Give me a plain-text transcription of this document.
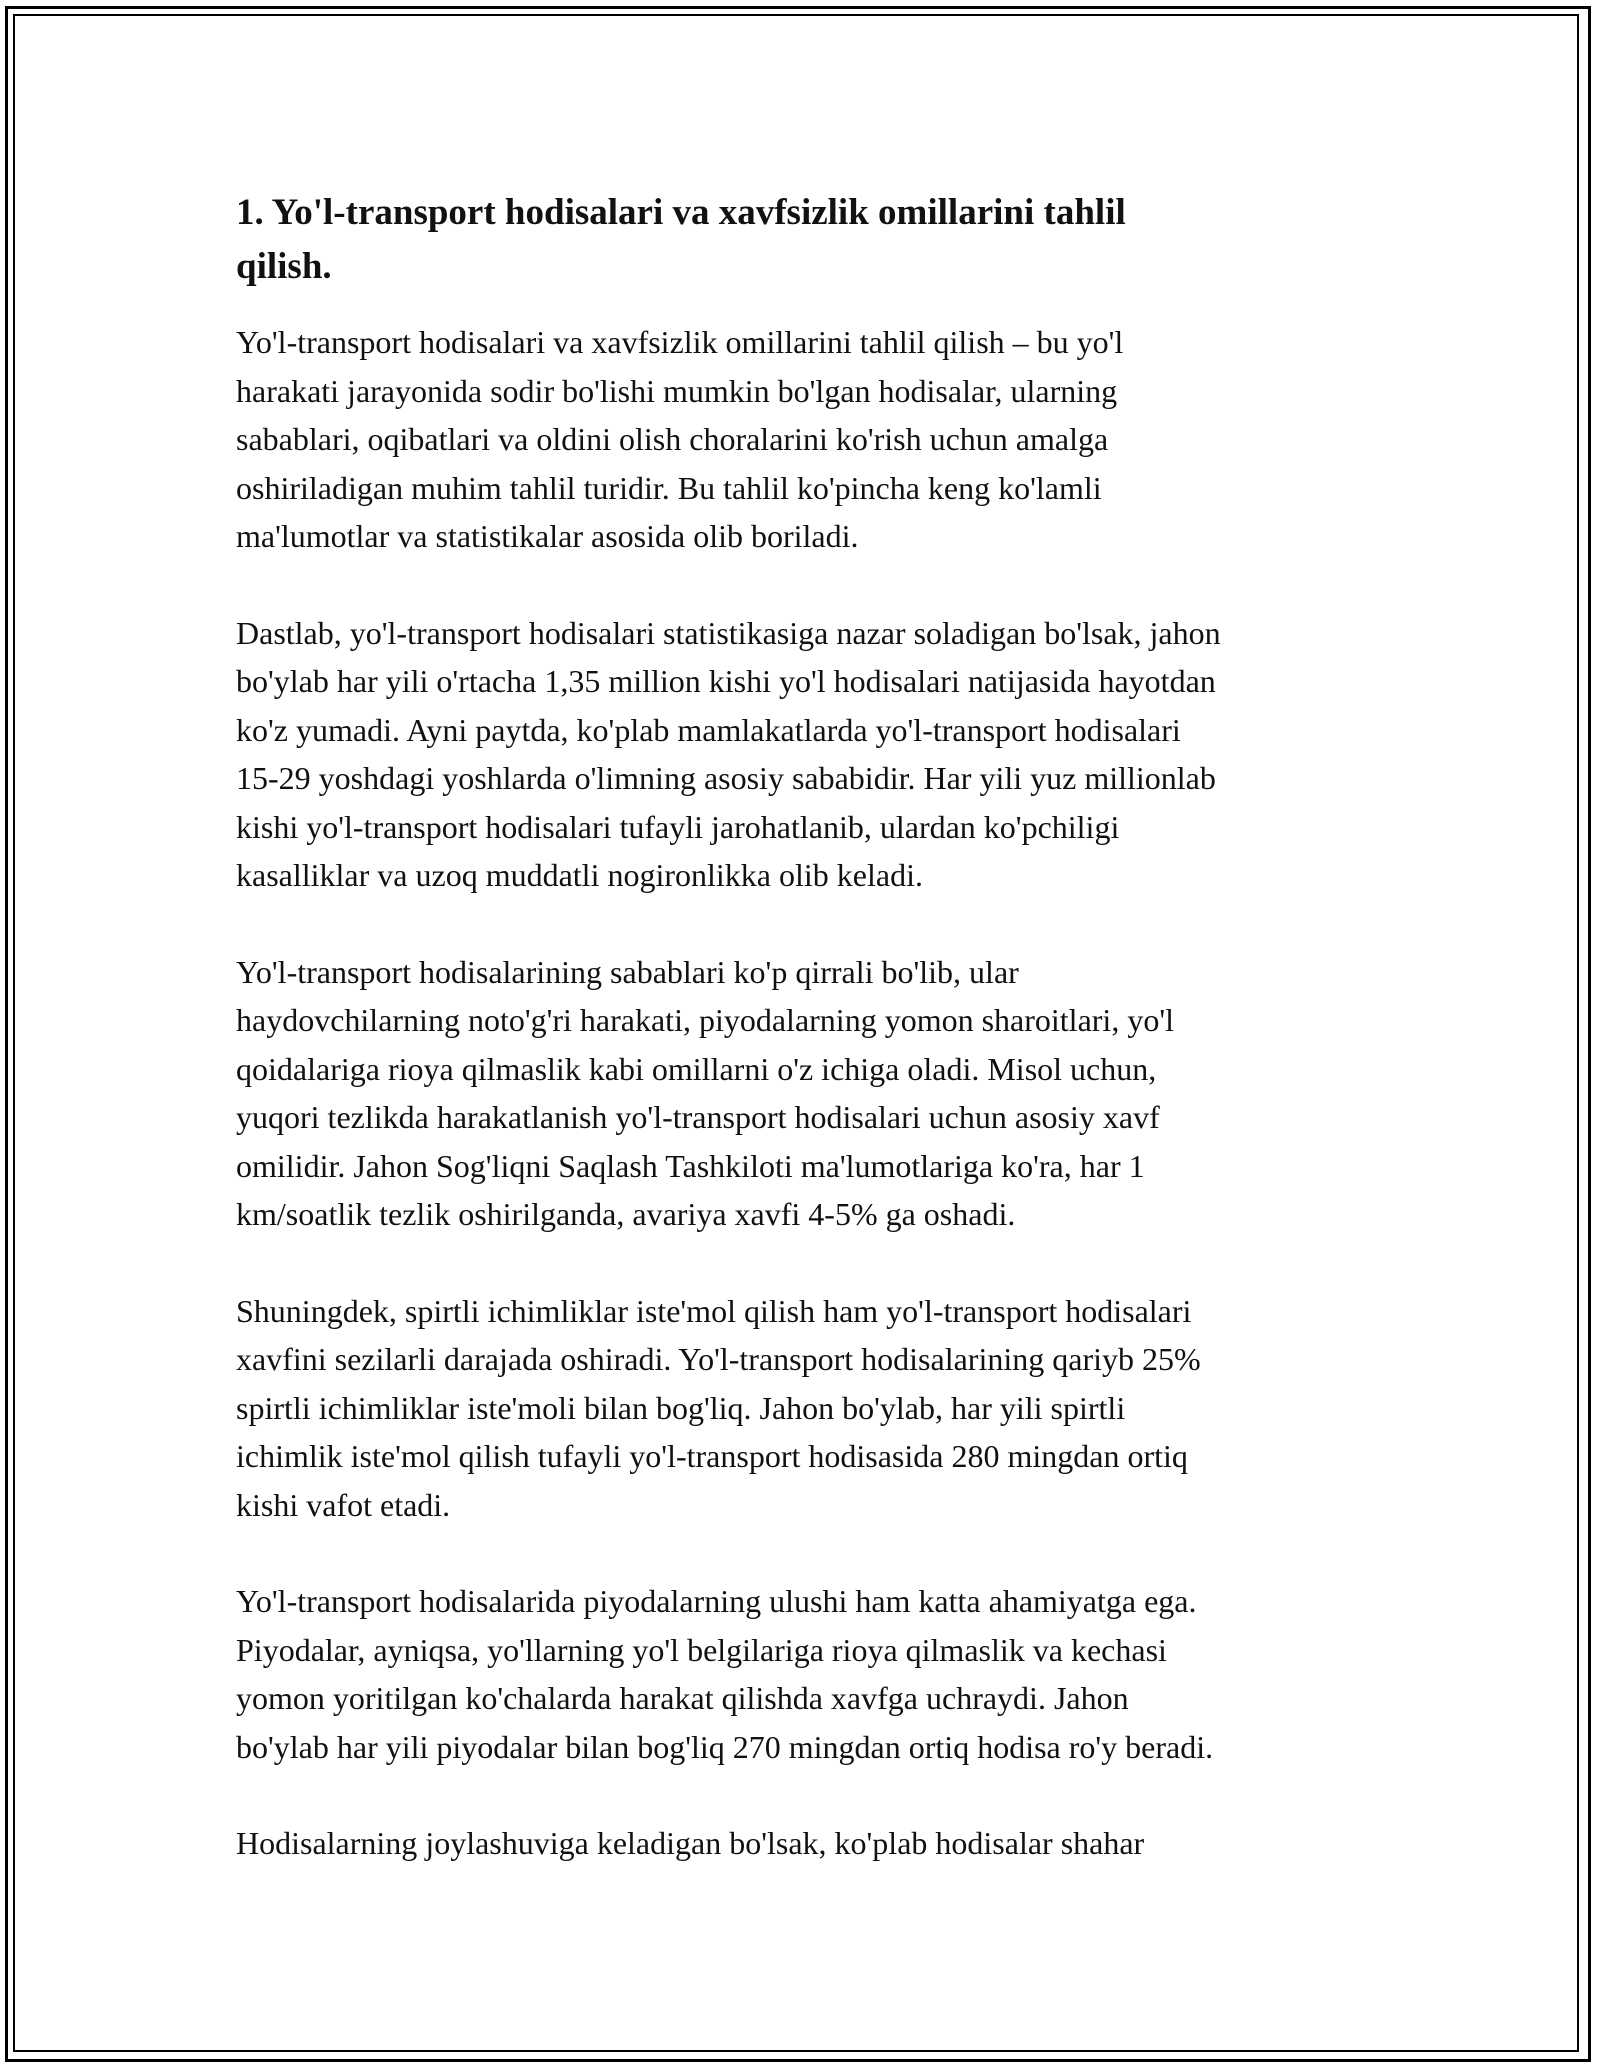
1. Yo'l-transport hodisalari va xavfsizlik omillarini tahlil
qilish.

Yo'l-transport hodisalari va xavfsizlik omillarini tahlil qilish – bu yo'l
harakati jarayonida sodir bo'lishi mumkin bo'lgan hodisalar, ularning
sabablari, oqibatlari va oldini olish choralarini ko'rish uchun amalga
oshiriladigan muhim tahlil turidir. Bu tahlil ko'pincha keng ko'lamli
ma'lumotlar va statistikalar asosida olib boriladi.

Dastlab, yo'l-transport hodisalari statistikasiga nazar soladigan bo'lsak, jahon
bo'ylab har yili o'rtacha 1,35 million kishi yo'l hodisalari natijasida hayotdan
ko'z yumadi. Ayni paytda, ko'plab mamlakatlarda yo'l-transport hodisalari
15-29 yoshdagi yoshlarda o'limning asosiy sababidir. Har yili yuz millionlab
kishi yo'l-transport hodisalari tufayli jarohatlanib, ulardan ko'pchiligi
kasalliklar va uzoq muddatli nogironlikka olib keladi.

Yo'l-transport hodisalarining sabablari ko'p qirrali bo'lib, ular
haydovchilarning noto'g'ri harakati, piyodalarning yomon sharoitlari, yo'l
qoidalariga rioya qilmaslik kabi omillarni o'z ichiga oladi. Misol uchun,
yuqori tezlikda harakatlanish yo'l-transport hodisalari uchun asosiy xavf
omilidir. Jahon Sog'liqni Saqlash Tashkiloti ma'lumotlariga ko'ra, har 1
km/soatlik tezlik oshirilganda, avariya xavfi 4-5% ga oshadi.

Shuningdek, spirtli ichimliklar iste'mol qilish ham yo'l-transport hodisalari
xavfini sezilarli darajada oshiradi. Yo'l-transport hodisalarining qariyb 25%
spirtli ichimliklar iste'moli bilan bog'liq. Jahon bo'ylab, har yili spirtli
ichimlik iste'mol qilish tufayli yo'l-transport hodisasida 280 mingdan ortiq
kishi vafot etadi.

Yo'l-transport hodisalarida piyodalarning ulushi ham katta ahamiyatga ega.
Piyodalar, ayniqsa, yo'llarning yo'l belgilariga rioya qilmaslik va kechasi
yomon yoritilgan ko'chalarda harakat qilishda xavfga uchraydi. Jahon
bo'ylab har yili piyodalar bilan bog'liq 270 mingdan ortiq hodisa ro'y beradi.

Hodisalarning joylashuviga keladigan bo'lsak, ko'plab hodisalar shahar
